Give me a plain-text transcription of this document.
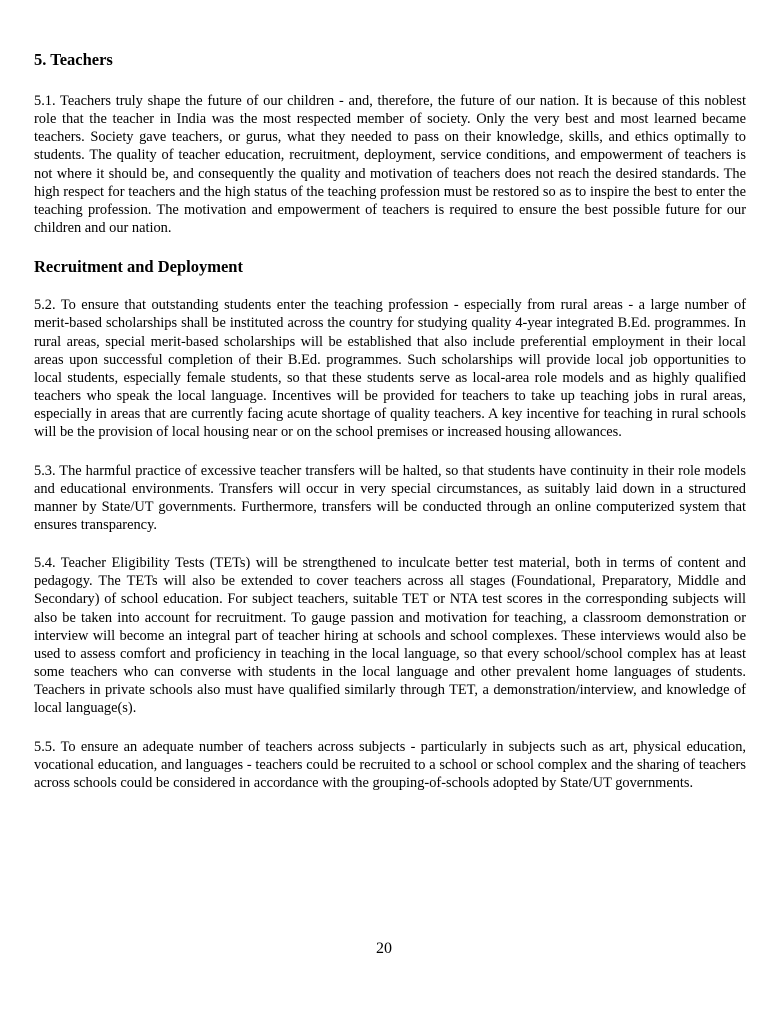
5. Teachers

5.1. Teachers truly shape the future of our children - and, therefore, the future of our nation. It is because of this noblest role that the teacher in India was the most respected member of society. Only the very best and most learned became teachers. Society gave teachers, or gurus, what they needed to pass on their knowledge, skills, and ethics optimally to students. The quality of teacher education, recruitment, deployment, service conditions, and empowerment of teachers is not where it should be, and consequently the quality and motivation of teachers does not reach the desired standards. The high respect for teachers and the high status of the teaching profession must be restored so as to inspire the best to enter the teaching profession. The motivation and empowerment of teachers is required to ensure the best possible future for our children and our nation.

Recruitment and Deployment

5.2. To ensure that outstanding students enter the teaching profession - especially from rural areas - a large number of merit-based scholarships shall be instituted across the country for studying quality 4-year integrated B.Ed. programmes. In rural areas, special merit-based scholarships will be established that also include preferential employment in their local areas upon successful completion of their B.Ed. programmes. Such scholarships will provide local job opportunities to local students, especially female students, so that these students serve as local-area role models and as highly qualified teachers who speak the local language. Incentives will be provided for teachers to take up teaching jobs in rural areas, especially in areas that are currently facing acute shortage of quality teachers. A key incentive for teaching in rural schools will be the provision of local housing near or on the school premises or increased housing allowances.

5.3. The harmful practice of excessive teacher transfers will be halted, so that students have continuity in their role models and educational environments. Transfers will occur in very special circumstances, as suitably laid down in a structured manner by State/UT governments. Furthermore, transfers will be conducted through an online computerized system that ensures transparency.

5.4. Teacher Eligibility Tests (TETs) will be strengthened to inculcate better test material, both in terms of content and pedagogy. The TETs will also be extended to cover teachers across all stages (Foundational, Preparatory, Middle and Secondary) of school education. For subject teachers, suitable TET or NTA test scores in the corresponding subjects will also be taken into account for recruitment. To gauge passion and motivation for teaching, a classroom demonstration or interview will become an integral part of teacher hiring at schools and school complexes. These interviews would also be used to assess comfort and proficiency in teaching in the local language, so that every school/school complex has at least some teachers who can converse with students in the local language and other prevalent home languages of students. Teachers in private schools also must have qualified similarly through TET, a demonstration/interview, and knowledge of local language(s).

5.5. To ensure an adequate number of teachers across subjects - particularly in subjects such as art, physical education, vocational education, and languages - teachers could be recruited to a school or school complex and the sharing of teachers across schools could be considered in accordance with the grouping-of-schools adopted by State/UT governments.

20
